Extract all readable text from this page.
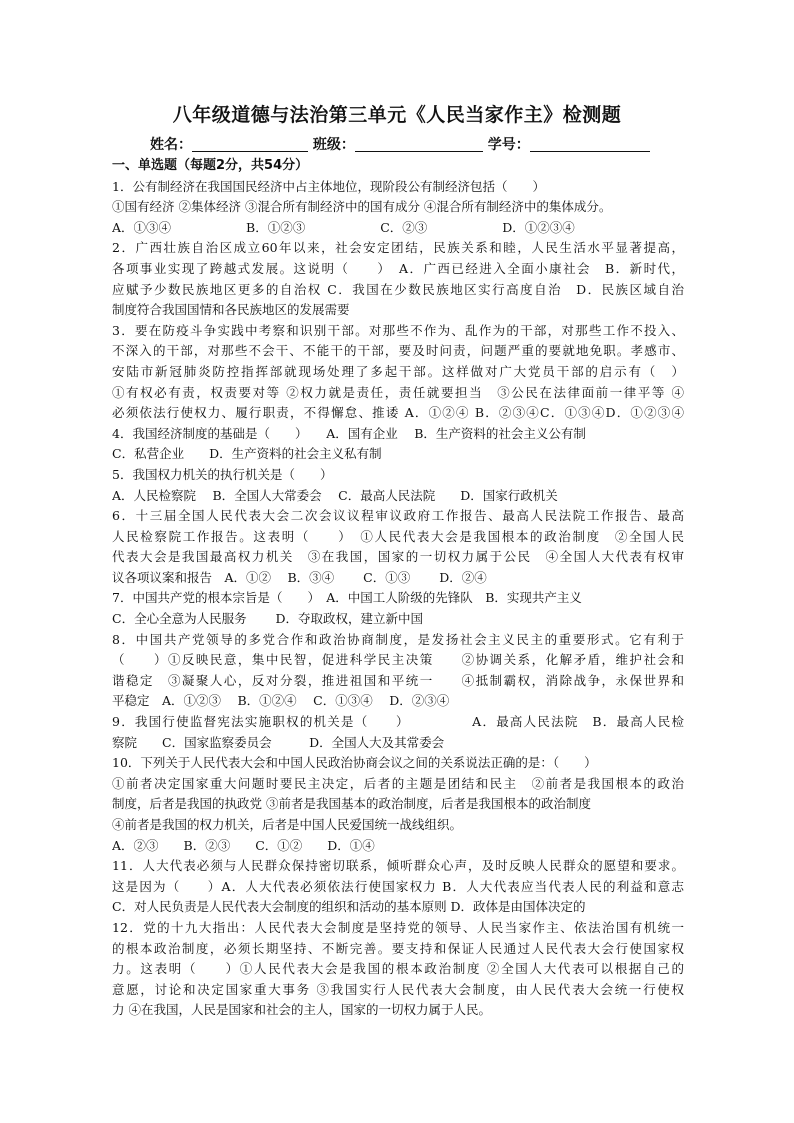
八年级道德与法治第三单元《人民当家作主》检测题
姓名：	班级：	学号：
一、单选题（每题2分，共54分）
1．公有制经济在我国国民经济中占主体地位，现阶段公有制经济包括（　　）
①国有经济 ②集体经济 ③混合所有制经济中的国有成分 ④混合所有制经济中的集体成分。
A．①③④　　　　　　B．①②③　　　　　　C．②③　　　　　　D．①②③④
2．广西壮族自治区成立60年以来，社会安定团结，民族关系和睦，人民生活水平显著提高，
各项事业实现了跨越式发展。这说明（　　）　A．广西已经进入全面小康社会　B．新时代，
应赋予少数民族地区更多的自治权 C．我国在少数民族地区实行高度自治　D．民族区域自治
制度符合我国国情和各民族地区的发展需要
3．要在防疫斗争实践中考察和识别干部。对那些不作为、乱作为的干部，对那些工作不投入、
不深入的干部，对那些不会干、不能干的干部，要及时问责，问题严重的要就地免职。孝感市、
安陆市新冠肺炎防控指挥部就现场处理了多起干部。这样做对广大党员干部的启示有（　）
①有权必有责，权责要对等 ②权力就是责任，责任就要担当　③公民在法律面前一律平等 ④
必须依法行使权力、履行职责，不得懈怠、推诿 A．①②④ B．②③④C．①③④D．①②③④
4．我国经济制度的基础是（　　）　　A．国有企业　 B．生产资料的社会主义公有制
C．私营企业　　D．生产资料的社会主义私有制
5．我国权力机关的执行机关是（　　）
A．人民检察院　 B．全国人大常委会　 C．最高人民法院　　D．国家行政机关
6．十三届全国人民代表大会二次会议议程审议政府工作报告、最高人民法院工作报告、最高
人民检察院工作报告。这表明（　　）　①人民代表大会是我国根本的政治制度　②全国人民
代表大会是我国最高权力机关　③在我国，国家的一切权力属于公民　④全国人大代表有权审
议各项议案和报告　A．①②　 B．③④　　 C．①③　　 D．②④
7．中国共产党的根本宗旨是（　　）　A．中国工人阶级的先锋队　B．实现共产主义
C．全心全意为人民服务　　 D．夺取政权，建立新中国
8．中国共产党领导的多党合作和政治协商制度，是发扬社会主义民主的重要形式。它有利于
（　　）①反映民意，集中民智，促进科学民主决策　　②协调关系，化解矛盾，维护社会和
谐稳定　③凝聚人心，反对分裂，推进祖国和平统一　　④抵制霸权，消除战争，永保世界和
平稳定　A．①②③　 B．①②④　 C．①③④　 D．②③④
9．我国行使监督宪法实施职权的机关是（　　）　　　　　A．最高人民法院　B．最高人民检
察院　　C．国家监察委员会　　　D．全国人大及其常委会
10．下列关于人民代表大会和中国人民政治协商会议之间的关系说法正确的是：（　　）
①前者决定国家重大问题时要民主决定，后者的主题是团结和民主　②前者是我国根本的政治
制度，后者是我国的执政党 ③前者是我国基本的政治制度，后者是我国根本的政治制度
④前者是我国的权力机关，后者是中国人民爱国统一战线组织。
A．②③　　B．②③　　C．①②　　D．①④
11．人大代表必须与人民群众保持密切联系，倾听群众心声，及时反映人民群众的愿望和要求。
这是因为（　　）A．人大代表必须依法行使国家权力 B．人大代表应当代表人民的利益和意志
C．对人民负责是人民代表大会制度的组织和活动的基本原则 D．政体是由国体决定的
12．党的十九大指出：人民代表大会制度是坚持党的领导、人民当家作主、依法治国有机统一
的根本政治制度，必须长期坚持、不断完善。要支持和保证人民通过人民代表大会行使国家权
力。这表明（　　）①人民代表大会是我国的根本政治制度 ②全国人大代表可以根据自己的
意愿，讨论和决定国家重大事务 ③我国实行人民代表大会制度，由人民代表大会统一行使权
力 ④在我国，人民是国家和社会的主人，国家的一切权力属于人民。
